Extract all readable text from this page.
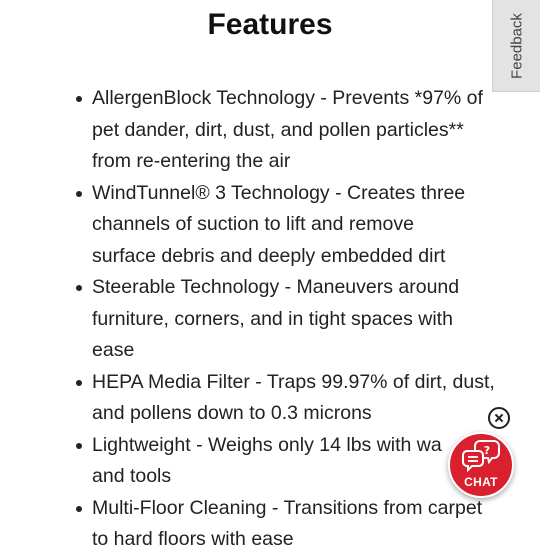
Features
AllergenBlock Technology - Prevents *97% of
pet dander, dirt, dust, and pollen particles**
from re-entering the air
WindTunnel® 3 Technology - Creates three
channels of suction to lift and remove
surface debris and deeply embedded dirt
Steerable Technology - Maneuvers around
furniture, corners, and in tight spaces with
ease
HEPA Media Filter - Traps 99.97% of dirt, dust,
and pollens down to 0.3 microns
Lightweight - Weighs only 14 lbs with wa
and tools
Multi-Floor Cleaning - Transitions from carpet
to hard floors with ease
Feedback
?
CHAT
